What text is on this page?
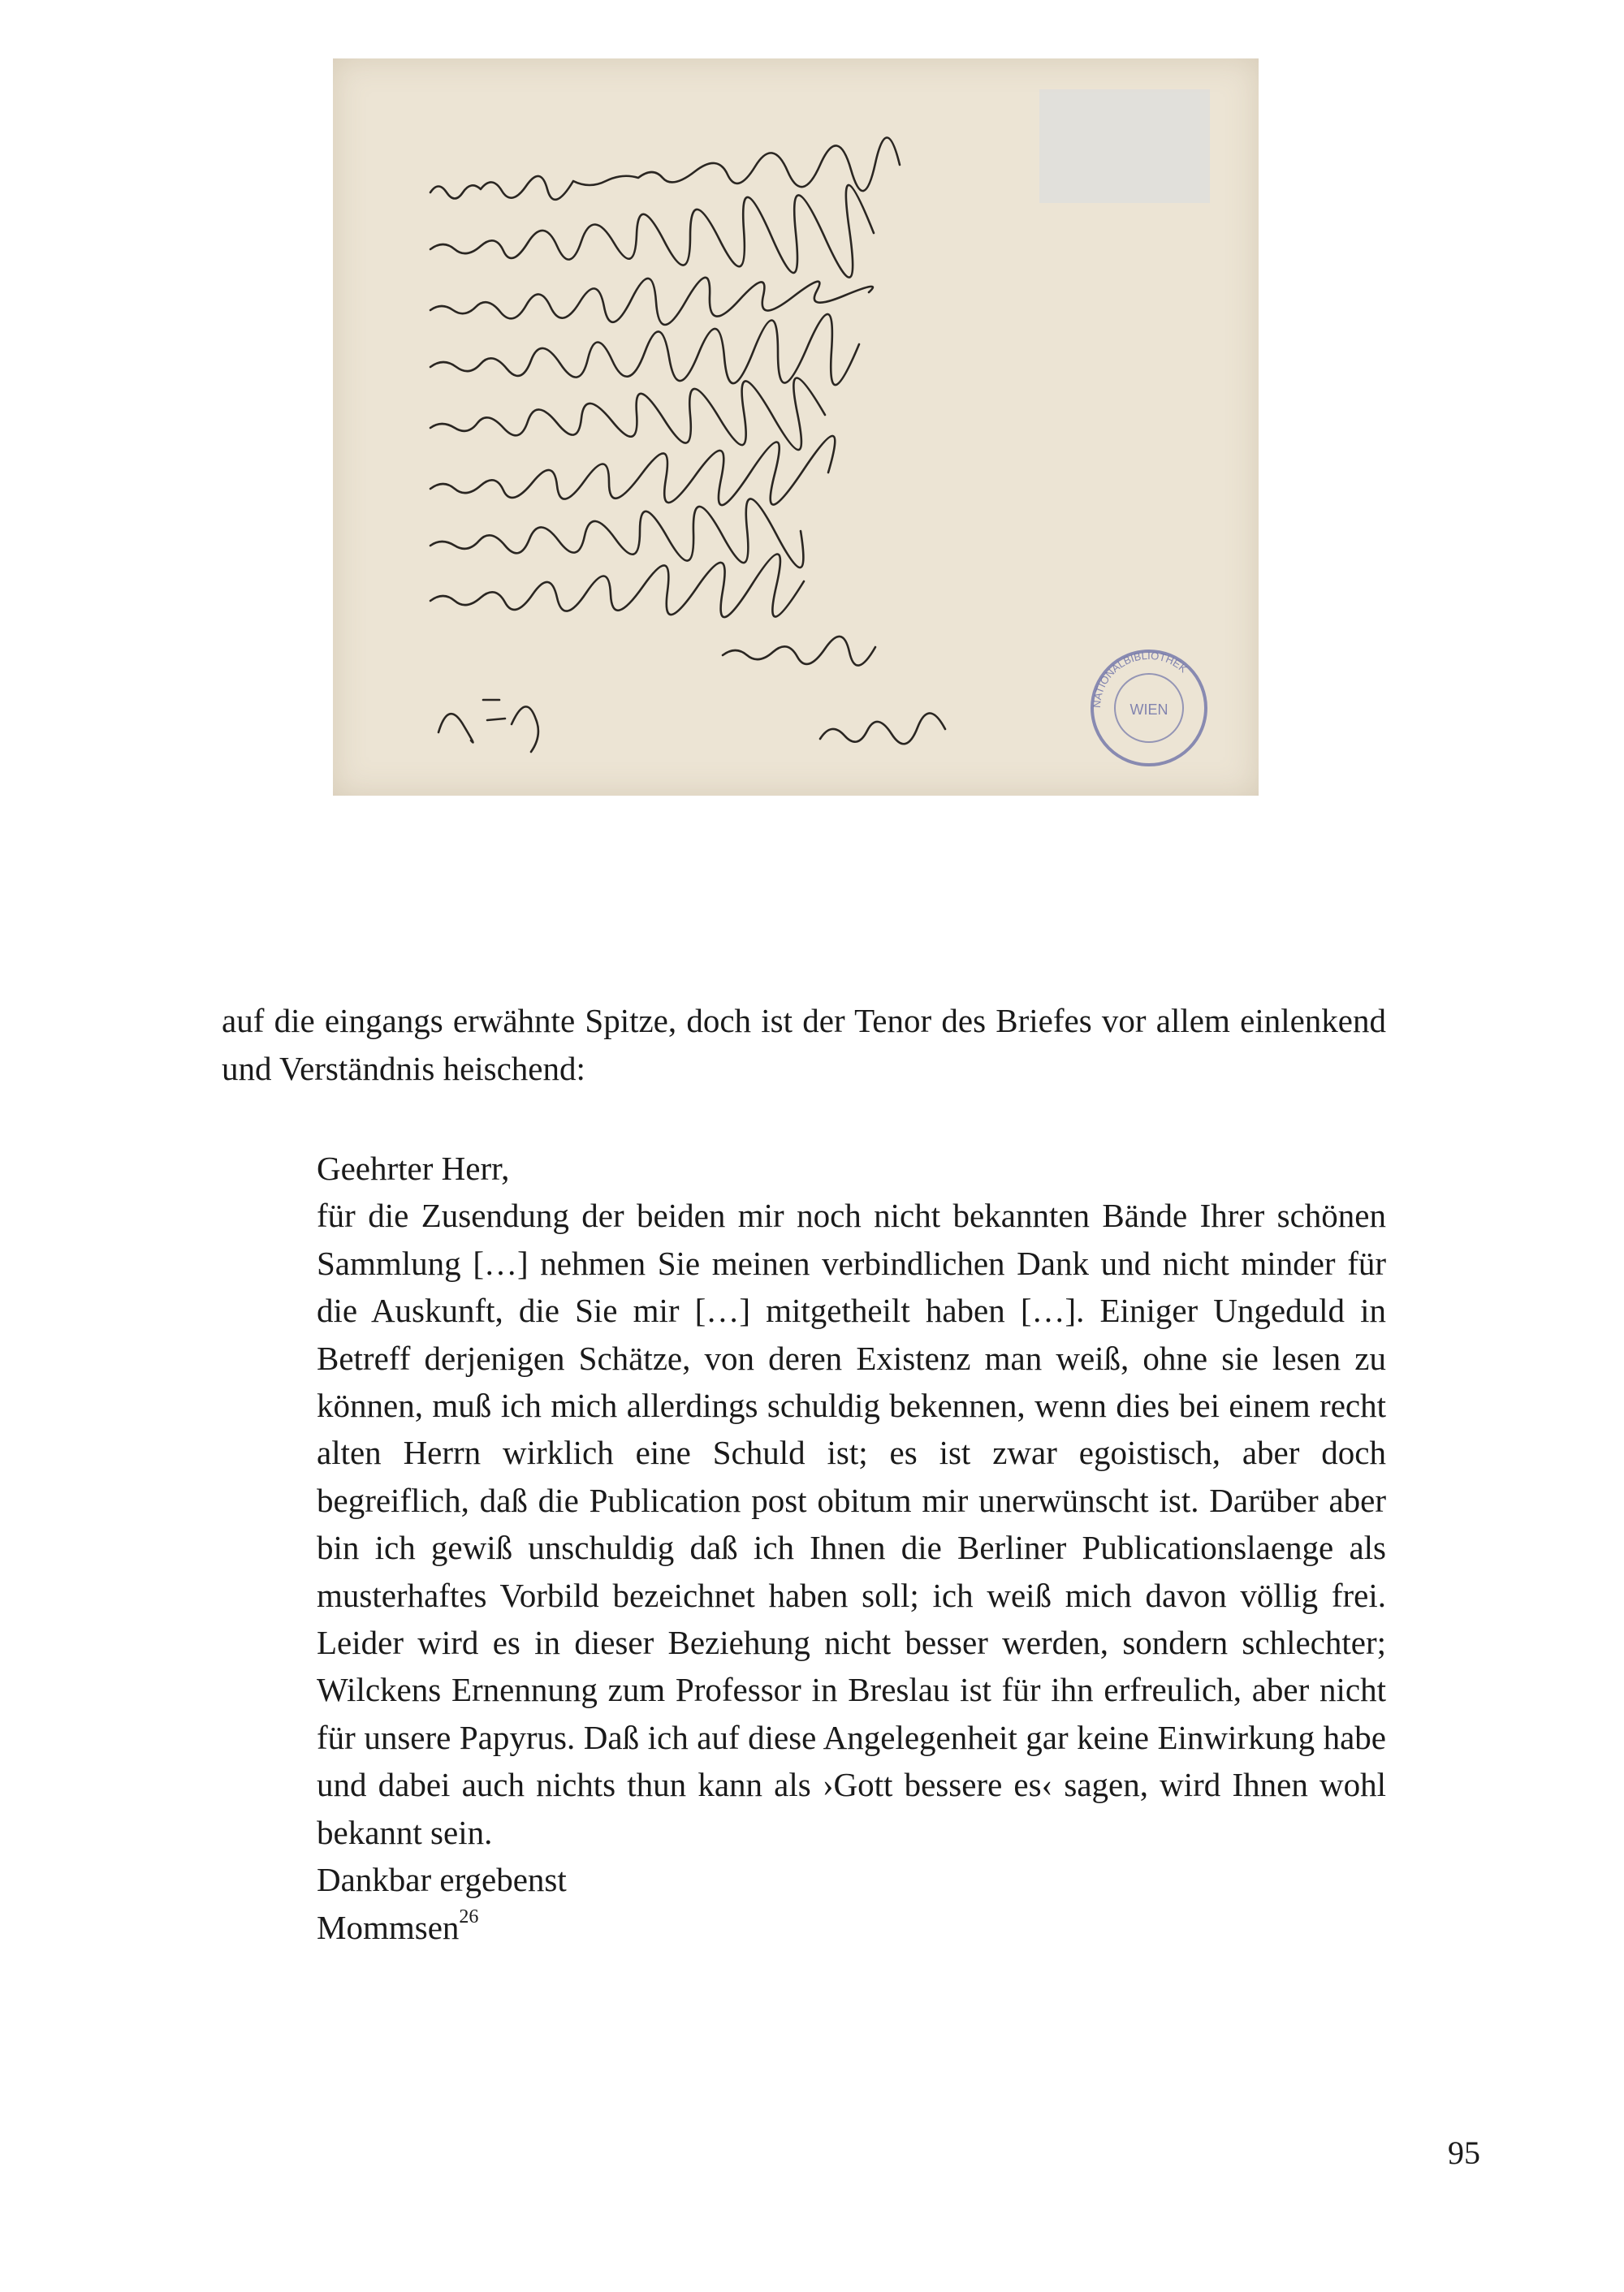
WIEN
NATIONALBIBLIOTHEK

auf die eingangs erwähnte Spitze, doch ist der Tenor des Briefes vor allem einlenkend und Verständnis heischend:

Geehrter Herr,

für die Zusendung der beiden mir noch nicht bekannten Bände Ihrer schönen Sammlung […] nehmen Sie meinen verbindlichen Dank und nicht minder für die Auskunft, die Sie mir […] mitgetheilt haben […]. Einiger Ungeduld in Betreff derjenigen Schätze, von deren Existenz man weiß, ohne sie lesen zu können, muß ich mich allerdings schuldig bekennen, wenn dies bei einem recht alten Herrn wirklich eine Schuld ist; es ist zwar egoistisch, aber doch begreiflich, daß die Publication post obitum mir unerwünscht ist. Darüber aber bin ich gewiß unschuldig daß ich Ihnen die Berliner Publicationslaenge als musterhaftes Vorbild bezeichnet haben soll; ich weiß mich davon völlig frei. Leider wird es in dieser Beziehung nicht besser werden, sondern schlechter; Wilckens Ernennung zum Professor in Breslau ist für ihn erfreulich, aber nicht für unsere Papyrus. Daß ich auf diese Angelegenheit gar keine Einwirkung habe und dabei auch nichts thun kann als ›Gott bessere es‹ sagen, wird Ihnen wohl bekannt sein.

Dankbar ergebenst
Mommsen$^{26}$
95
